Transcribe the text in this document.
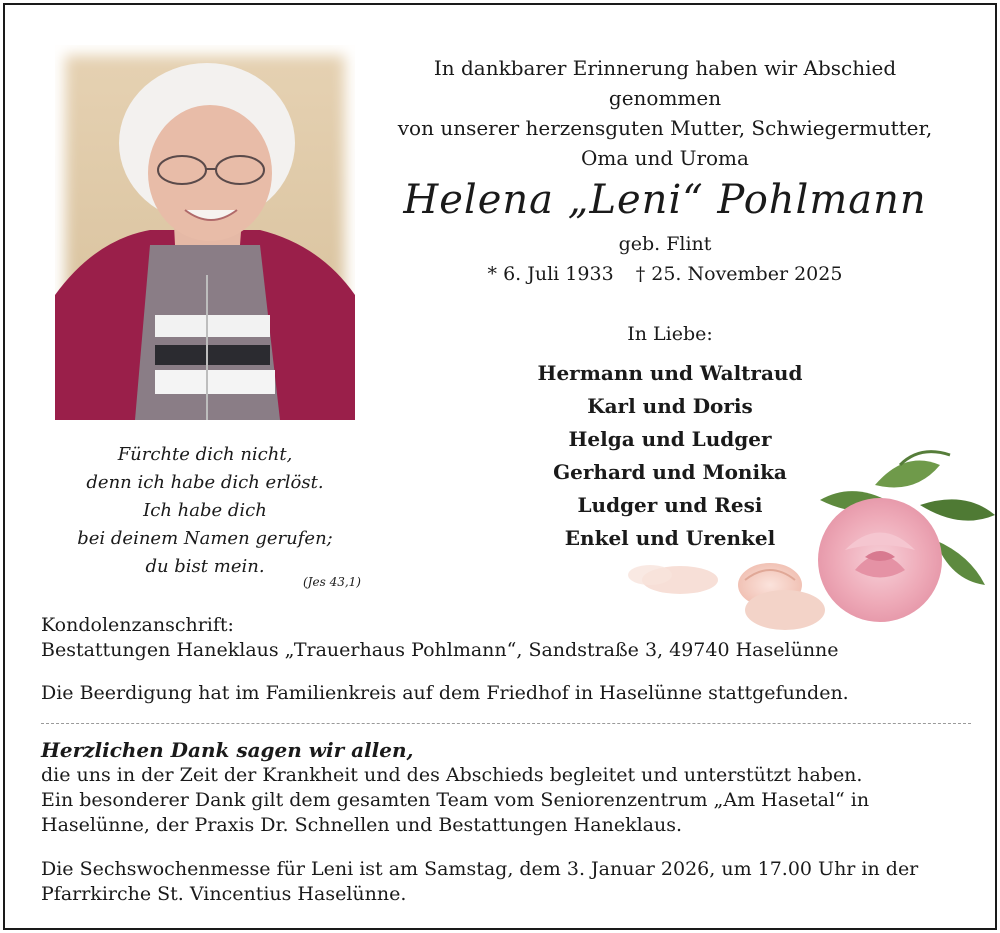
In dankbarer Erinnerung haben wir Abschied genommen
von unserer herzensguten Mutter, Schwiegermutter,
Oma und Uroma
Helena „Leni“ Pohlmann
geb. Flint
* 6. Juli 1933 † 25. November 2025
In Liebe:
Hermann und Waltraud
Karl und Doris
Helga und Ludger
Gerhard und Monika
Ludger und Resi
Enkel und Urenkel
Fürchte dich nicht,
denn ich habe dich erlöst.
Ich habe dich
bei deinem Namen gerufen;
du bist mein.
(Jes 43,1)
Kondolenzanschrift:
Bestattungen Haneklaus „Trauerhaus Pohlmann“, Sandstraße 3, 49740 Haselünne
Die Beerdigung hat im Familienkreis auf dem Friedhof in Haselünne stattgefunden.
Herzlichen Dank sagen wir allen,
die uns in der Zeit der Krankheit und des Abschieds begleitet und unterstützt haben.
Ein besonderer Dank gilt dem gesamten Team vom Seniorenzentrum „Am Hasetal“ in
Haselünne, der Praxis Dr. Schnellen und Bestattungen Haneklaus.
Die Sechswochenmesse für Leni ist am Samstag, dem 3. Januar 2026, um 17.00 Uhr in der
Pfarrkirche St. Vincentius Haselünne.
